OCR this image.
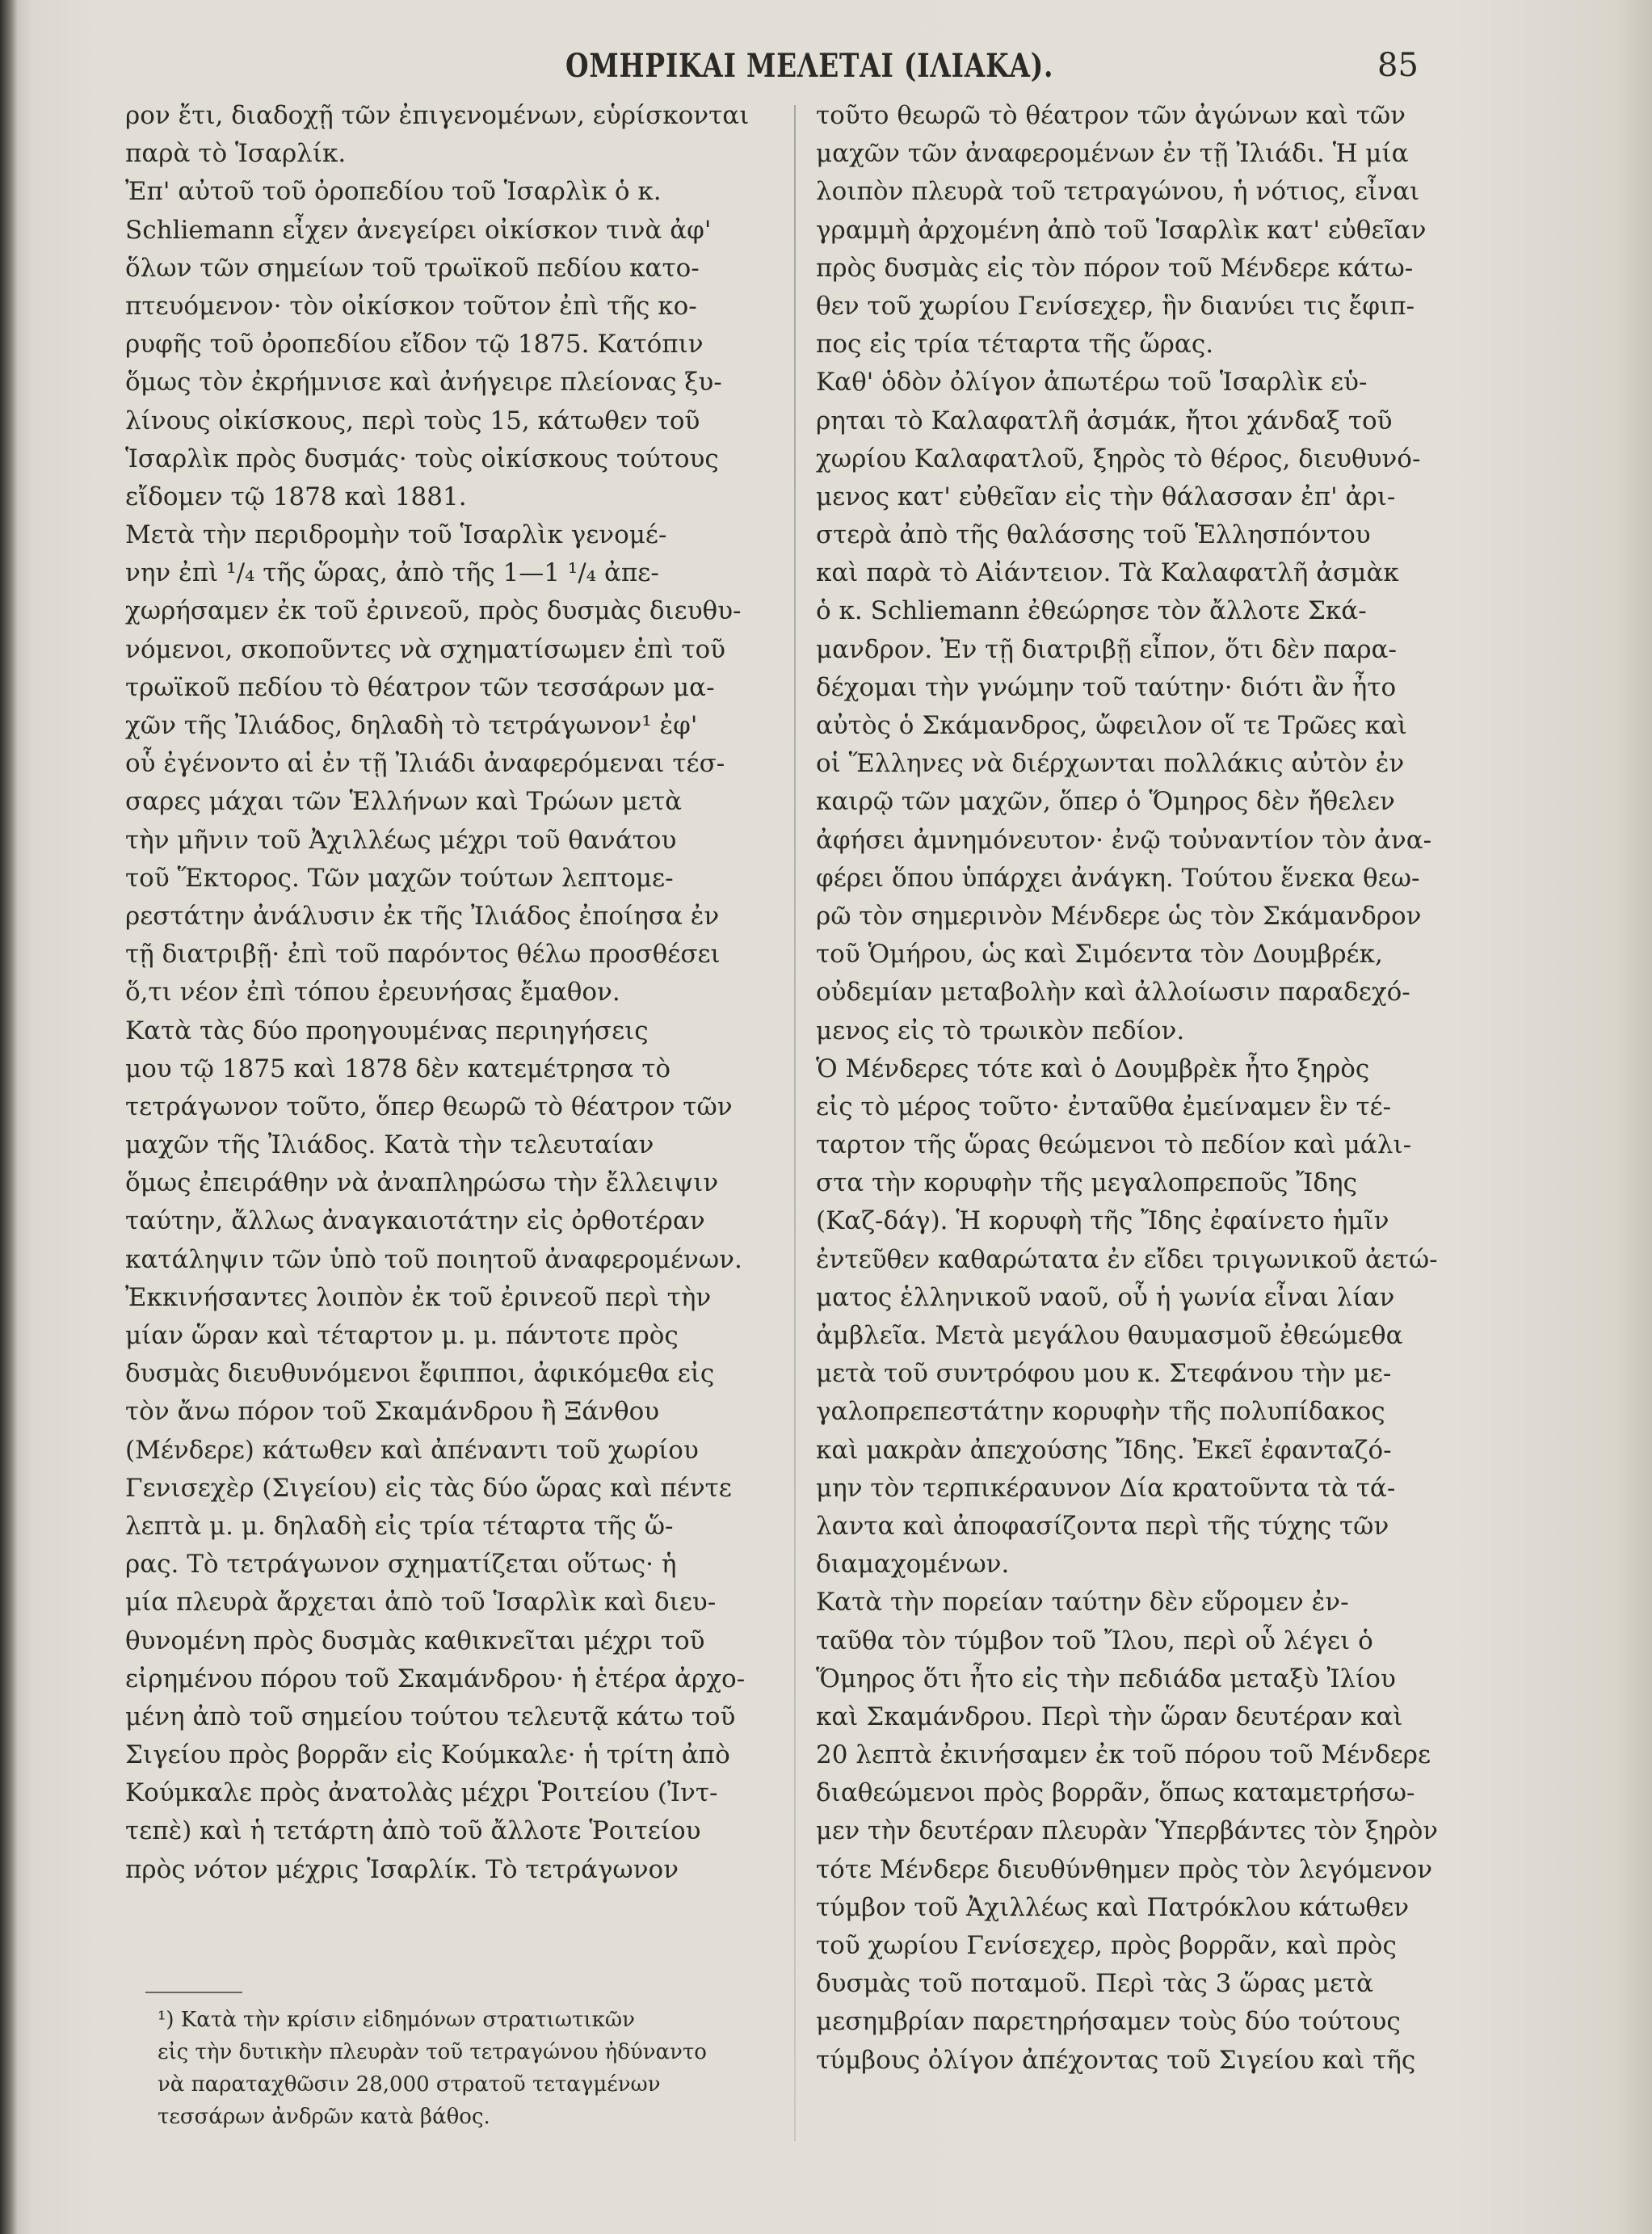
ΟΜΗΡΙΚΑΙ ΜΕΛΕΤΑΙ (ΙΛΙΑΚΑ).	85
ρον ἔτι, διαδοχῇ τῶν ἐπιγενομένων, εὑρίσκονται
παρὰ τὸ Ἱσαρλίκ.
Ἐπ' αὐτοῦ τοῦ ὀροπεδίου τοῦ Ἱσαρλὶκ ὁ κ.
Schliemann εἶχεν ἀνεγείρει οἰκίσκον τινὰ ἀφ'
ὅλων τῶν σημείων τοῦ τρωϊκοῦ πεδίου κατο-
πτευόμενον· τὸν οἰκίσκον τοῦτον ἐπὶ τῆς κο-
ρυφῆς τοῦ ὀροπεδίου εἴδον τῷ 1875. Κατόπιν
ὅμως τὸν ἐκρήμνισε καὶ ἀνήγειρε πλείονας ξυ-
λίνους οἰκίσκους, περὶ τοὺς 15, κάτωθεν τοῦ
Ἱσαρλὶκ πρὸς δυσμάς· τοὺς οἰκίσκους τούτους
εἴδομεν τῷ 1878 καὶ 1881.
Μετὰ τὴν περιδρομὴν τοῦ Ἱσαρλὶκ γενομέ-
νην ἐπὶ ¹/₄ τῆς ὥρας, ἀπὸ τῆς 1—1 ¹/₄ ἀπε-
χωρήσαμεν ἐκ τοῦ ἐρινεοῦ, πρὸς δυσμὰς διευθυ-
νόμενοι, σκοποῦντες νὰ σχηματίσωμεν ἐπὶ τοῦ
τρωϊκοῦ πεδίου τὸ θέατρον τῶν τεσσάρων μα-
χῶν τῆς Ἰλιάδος, δηλαδὴ τὸ τετράγωνον¹ ἐφ'
οὗ ἐγένοντο αἱ ἐν τῇ Ἰλιάδι ἀναφερόμεναι τέσ-
σαρες μάχαι τῶν Ἑλλήνων καὶ Τρώων μετὰ
τὴν μῆνιν τοῦ Ἀχιλλέως μέχρι τοῦ θανάτου
τοῦ Ἕκτορος. Τῶν μαχῶν τούτων λεπτομε-
ρεστάτην ἀνάλυσιν ἐκ τῆς Ἰλιάδος ἐποίησα ἐν
τῇ διατριβῇ· ἐπὶ τοῦ παρόντος θέλω προσθέσει
ὅ,τι νέον ἐπὶ τόπου ἐρευνήσας ἔμαθον.
Κατὰ τὰς δύο προηγουμένας περιηγήσεις
μου τῷ 1875 καὶ 1878 δὲν κατεμέτρησα τὸ
τετράγωνον τοῦτο, ὅπερ θεωρῶ τὸ θέατρον τῶν
μαχῶν τῆς Ἰλιάδος. Κατὰ τὴν τελευταίαν
ὅμως ἐπειράθην νὰ ἀναπληρώσω τὴν ἔλλειψιν
ταύτην, ἄλλως ἀναγκαιοτάτην εἰς ὀρθοτέραν
κατάληψιν τῶν ὑπὸ τοῦ ποιητοῦ ἀναφερομένων.
Ἐκκινήσαντες λοιπὸν ἐκ τοῦ ἐρινεοῦ περὶ τὴν
μίαν ὥραν καὶ τέταρτον μ. μ. πάντοτε πρὸς
δυσμὰς διευθυνόμενοι ἔφιπποι, ἀφικόμεθα εἰς
τὸν ἄνω πόρον τοῦ Σκαμάνδρου ἢ Ξάνθου
(Μένδερε) κάτωθεν καὶ ἀπέναντι τοῦ χωρίου
Γενισεχὲρ (Σιγείου) εἰς τὰς δύο ὥρας καὶ πέντε
λεπτὰ μ. μ. δηλαδὴ εἰς τρία τέταρτα τῆς ὥ-
ρας. Τὸ τετράγωνον σχηματίζεται οὕτως· ἡ
μία πλευρὰ ἄρχεται ἀπὸ τοῦ Ἱσαρλὶκ καὶ διευ-
θυνομένη πρὸς δυσμὰς καθικνεῖται μέχρι τοῦ
εἰρημένου πόρου τοῦ Σκαμάνδρου· ἡ ἑτέρα ἀρχο-
μένη ἀπὸ τοῦ σημείου τούτου τελευτᾷ κάτω τοῦ
Σιγείου πρὸς βορρᾶν εἰς Κούμκαλε· ἡ τρίτη ἀπὸ
Κούμκαλε πρὸς ἀνατολὰς μέχρι Ῥοιτείου (Ἰντ-
τεπὲ) καὶ ἡ τετάρτη ἀπὸ τοῦ ἄλλοτε Ῥοιτείου
πρὸς νότον μέχρις Ἱσαρλίκ. Τὸ τετράγωνον
τοῦτο θεωρῶ τὸ θέατρον τῶν ἀγώνων καὶ τῶν
μαχῶν τῶν ἀναφερομένων ἐν τῇ Ἰλιάδι. Ἡ μία
λοιπὸν πλευρὰ τοῦ τετραγώνου, ἡ νότιος, εἶναι
γραμμὴ ἀρχομένη ἀπὸ τοῦ Ἱσαρλὶκ κατ' εὐθεῖαν
πρὸς δυσμὰς εἰς τὸν πόρον τοῦ Μένδερε κάτω-
θεν τοῦ χωρίου Γενίσεχερ, ἣν διανύει τις ἔφιπ-
πος εἰς τρία τέταρτα τῆς ὥρας.
Καθ' ὁδὸν ὀλίγον ἀπωτέρω τοῦ Ἱσαρλὶκ εὑ-
ρηται τὸ Καλαφατλῆ ἀσμάκ, ἤτοι χάνδαξ τοῦ
χωρίου Καλαφατλοῦ, ξηρὸς τὸ θέρος, διευθυνό-
μενος κατ' εὐθεῖαν εἰς τὴν θάλασσαν ἐπ' ἀρι-
στερὰ ἀπὸ τῆς θαλάσσης τοῦ Ἑλλησπόντου
καὶ παρὰ τὸ Αἰάντειον. Τὰ Καλαφατλῆ ἀσμὰκ
ὁ κ. Schliemann ἐθεώρησε τὸν ἄλλοτε Σκά-
μανδρον. Ἐν τῇ διατριβῇ εἶπον, ὅτι δὲν παρα-
δέχομαι τὴν γνώμην τοῦ ταύτην· διότι ἂν ἦτο
αὐτὸς ὁ Σκάμανδρος, ὤφειλον οἵ τε Τρῶες καὶ
οἱ Ἕλληνες νὰ διέρχωνται πολλάκις αὐτὸν ἐν
καιρῷ τῶν μαχῶν, ὅπερ ὁ Ὅμηρος δὲν ἤθελεν
ἀφήσει ἀμνημόνευτον· ἐνῷ τοὐναντίον τὸν ἀνα-
φέρει ὅπου ὑπάρχει ἀνάγκη. Τούτου ἕνεκα θεω-
ρῶ τὸν σημερινὸν Μένδερε ὡς τὸν Σκάμανδρον
τοῦ Ὁμήρου, ὡς καὶ Σιμόεντα τὸν Δουμβρέκ,
οὐδεμίαν μεταβολὴν καὶ ἀλλοίωσιν παραδεχό-
μενος εἰς τὸ τρωικὸν πεδίον.
Ὁ Μένδερες τότε καὶ ὁ Δουμβρὲκ ἦτο ξηρὸς
εἰς τὸ μέρος τοῦτο· ἐνταῦθα ἐμείναμεν ἓν τέ-
ταρτον τῆς ὥρας θεώμενοι τὸ πεδίον καὶ μάλι-
στα τὴν κορυφὴν τῆς μεγαλοπρεποῦς Ἴδης
(Καζ-δάγ). Ἡ κορυφὴ τῆς Ἴδης ἐφαίνετο ἡμῖν
ἐντεῦθεν καθαρώτατα ἐν εἴδει τριγωνικοῦ ἀετώ-
ματος ἑλληνικοῦ ναοῦ, οὗ ἡ γωνία εἶναι λίαν
ἀμβλεῖα. Μετὰ μεγάλου θαυμασμοῦ ἐθεώμεθα
μετὰ τοῦ συντρόφου μου κ. Στεφάνου τὴν με-
γαλοπρεπεστάτην κορυφὴν τῆς πολυπίδακος
καὶ μακρὰν ἀπεχούσης Ἴδης. Ἐκεῖ ἐφανταζό-
μην τὸν τερπικέραυνον Δία κρατοῦντα τὰ τά-
λαντα καὶ ἀποφασίζοντα περὶ τῆς τύχης τῶν
διαμαχομένων.
Κατὰ τὴν πορείαν ταύτην δὲν εὕρομεν ἐν-
ταῦθα τὸν τύμβον τοῦ Ἴλου, περὶ οὗ λέγει ὁ
Ὅμηρος ὅτι ἦτο εἰς τὴν πεδιάδα μεταξὺ Ἰλίου
καὶ Σκαμάνδρου. Περὶ τὴν ὥραν δευτέραν καὶ
20 λεπτὰ ἐκινήσαμεν ἐκ τοῦ πόρου τοῦ Μένδερε
διαθεώμενοι πρὸς βορρᾶν, ὅπως καταμετρήσω-
μεν τὴν δευτέραν πλευρὰν Ὑπερβάντες τὸν ξηρὸν
τότε Μένδερε διευθύνθημεν πρὸς τὸν λεγόμενον
τύμβον τοῦ Ἀχιλλέως καὶ Πατρόκλου κάτωθεν
τοῦ χωρίου Γενίσεχερ, πρὸς βορρᾶν, καὶ πρὸς
δυσμὰς τοῦ ποταμοῦ. Περὶ τὰς 3 ὥρας μετὰ
μεσημβρίαν παρετηρήσαμεν τοὺς δύο τούτους
τύμβους ὀλίγον ἀπέχοντας τοῦ Σιγείου καὶ τῆς
¹) Κατὰ τὴν κρίσιν εἰδημόνων στρατιωτικῶν
εἰς τὴν δυτικὴν πλευρὰν τοῦ τετραγώνου ἠδύναντο
νὰ παραταχθῶσιν 28,000 στρατοῦ τεταγμένων
τεσσάρων ἀνδρῶν κατὰ βάθος.
